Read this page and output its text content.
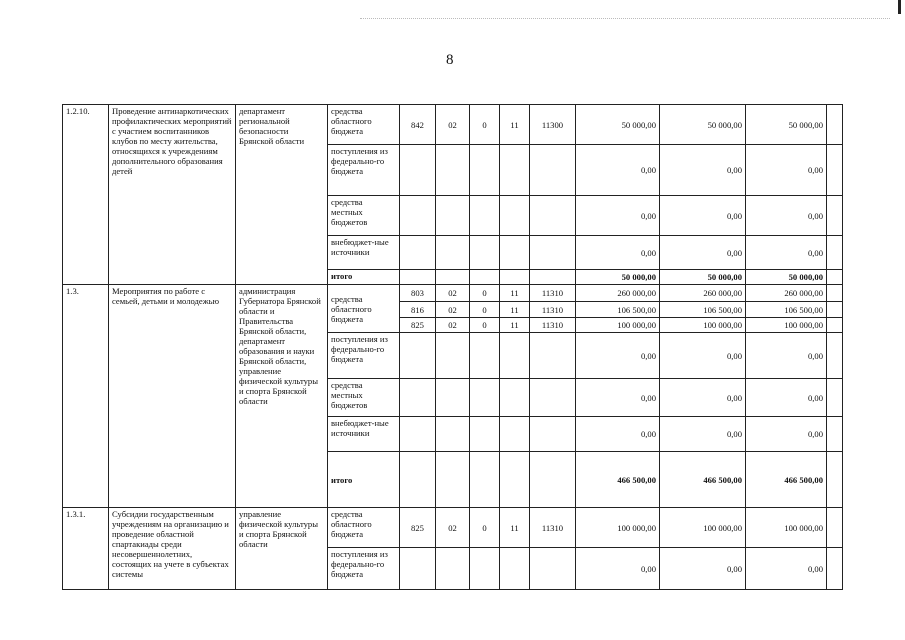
8
1.2.10.	Проведение антинаркотических профилактических мероприятий с участием воспитанников клубов по месту жительства, относящихся к учреждениям дополнительного образования детей	департамент региональной безопасности Брянской области	средства областного бюджета	842	02	0	11	11300	50 000,00	50 000,00	50 000,00	
			поступления из федерально-го бюджета						0,00	0,00	0,00	
			средства местных бюджетов						0,00	0,00	0,00	
			внебюджет-ные источники						0,00	0,00	0,00	
			итого						50 000,00	50 000,00	50 000,00	
1.3.	Мероприятия по работе с семьей, детьми и молодежью	администрация Губернатора Брянской области и Правительства Брянской области, департамент образования и науки Брянской области, управление физической культуры и спорта Брянской области	средства областного бюджета	803	02	0	11	11310	260 000,00	260 000,00	260 000,00	
				816	02	0	11	11310	106 500,00	106 500,00	106 500,00	
				825	02	0	11	11310	100 000,00	100 000,00	100 000,00	
			поступления из федерально-го бюджета						0,00	0,00	0,00	
			средства местных бюджетов						0,00	0,00	0,00	
			внебюджет-ные источники						0,00	0,00	0,00	
			итого						466 500,00	466 500,00	466 500,00	
1.3.1.	Субсидии государственным учреждениям на организацию и проведение областной спартакиады среди несовершеннолетних, состоящих на учете в субъектах системы	управление физической культуры и спорта Брянской области	средства областного бюджета	825	02	0	11	11310	100 000,00	100 000,00	100 000,00	
			поступления из федерально-го бюджета						0,00	0,00	0,00	
